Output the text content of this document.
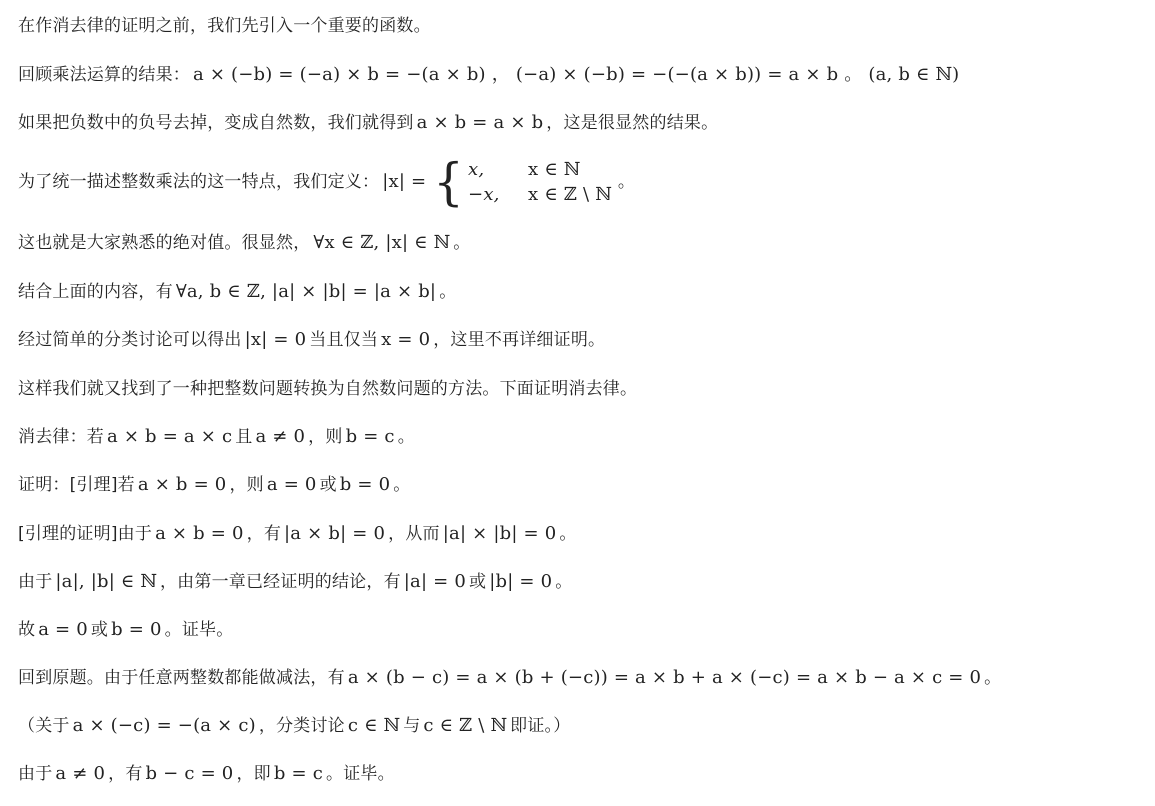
在作消去律的证明之前，我们先引入一个重要的函数。
回顾乘法运算的结果： a × (−b) = (−a) × b = −(a × b) ， (−a) × (−b) = −(−(a × b)) = a × b 。 (a, b ∈ ℕ)
如果把负数中的负号去掉，变成自然数，我们就得到 a × b = a × b ，这是很显然的结果。
为了统一描述整数乘法的这一特点，我们定义： |x| = { x,	x ∈ ℕ
−x,	x ∈ ℤ \ ℕ
。
这也就是大家熟悉的绝对值。很显然， ∀x ∈ ℤ, |x| ∈ ℕ 。
结合上面的内容，有 ∀a, b ∈ ℤ, |a| × |b| = |a × b| 。
经过简单的分类讨论可以得出 |x| = 0 当且仅当 x = 0 ，这里不再详细证明。
这样我们就又找到了一种把整数问题转换为自然数问题的方法。下面证明消去律。
消去律：若 a × b = a × c 且 a ≠ 0 ，则 b = c 。
证明：[引理]若 a × b = 0 ，则 a = 0 或 b = 0 。
[引理的证明]由于 a × b = 0 ，有 |a × b| = 0 ，从而 |a| × |b| = 0 。
由于 |a|, |b| ∈ ℕ ，由第一章已经证明的结论，有 |a| = 0 或 |b| = 0 。
故 a = 0 或 b = 0 。证毕。
回到原题。由于任意两整数都能做减法，有 a × (b − c) = a × (b + (−c)) = a × b + a × (−c) = a × b − a × c = 0 。
（关于 a × (−c) = −(a × c) ，分类讨论 c ∈ ℕ 与 c ∈ ℤ \ ℕ 即证。）
由于 a ≠ 0 ，有 b − c = 0 ，即 b = c 。证毕。
